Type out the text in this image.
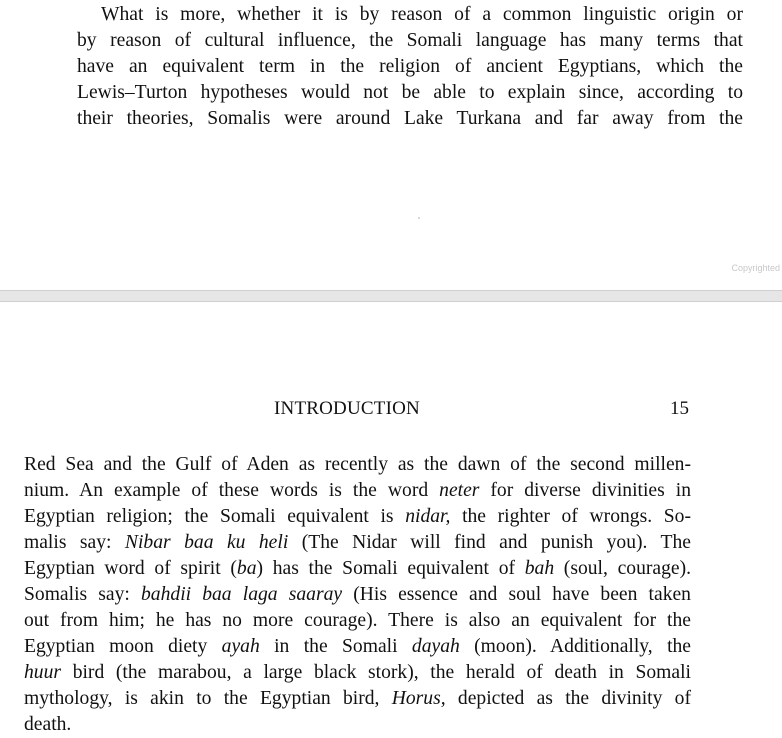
What is more, whether it is by reason of a common linguistic origin or
by reason of cultural influence, the Somali language has many terms that
have an equivalent term in the religion of ancient Egyptians, which the
Lewis–Turton hypotheses would not be able to explain since, according to
their theories, Somalis were around Lake Turkana and far away from the
Copyrighted
INTRODUCTION	15
Red Sea and the Gulf of Aden as recently as the dawn of the second millen-
nium. An example of these words is the word neter for diverse divinities in
Egyptian religion; the Somali equivalent is nidar, the righter of wrongs. So-
malis say: Nibar baa ku heli (The Nidar will find and punish you). The
Egyptian word of spirit (ba) has the Somali equivalent of bah (soul, courage).
Somalis say: bahdii baa laga saaray (His essence and soul have been taken
out from him; he has no more courage). There is also an equivalent for the
Egyptian moon diety ayah in the Somali dayah (moon). Additionally, the
huur bird (the marabou, a large black stork), the herald of death in Somali
mythology, is akin to the Egyptian bird, Horus, depicted as the divinity of
death.
